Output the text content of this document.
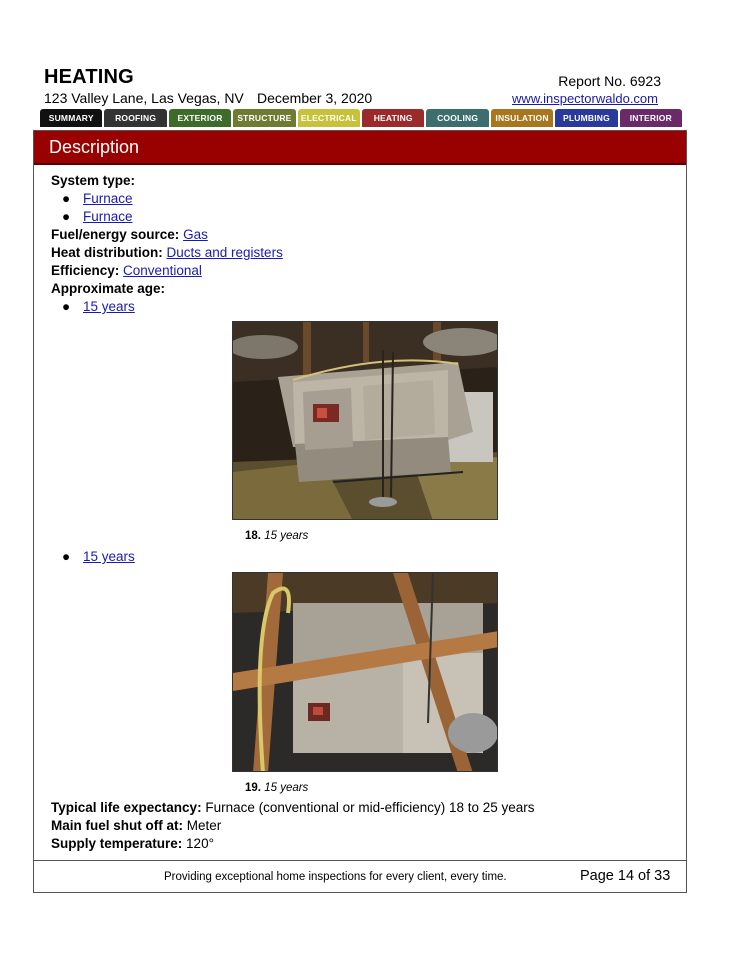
HEATING
123 Valley Lane, Las Vegas, NV December 3, 2020
Report No. 6923
www.inspectorwaldo.com
SUMMARY	ROOFING	EXTERIOR	STRUCTURE	ELECTRICAL	HEATING	COOLING	INSULATION	PLUMBING	INTERIOR
Description
System type:
● Furnace
● Furnace
Fuel/energy source: Gas
Heat distribution: Ducts and registers
Efficiency: Conventional
Approximate age:
● 15 years
18. 15 years
● 15 years
19. 15 years
Typical life expectancy: Furnace (conventional or mid-efficiency) 18 to 25 years
Main fuel shut off at: Meter
Supply temperature: 120°
Providing exceptional home inspections for every client, every time.	Page 14 of 33
